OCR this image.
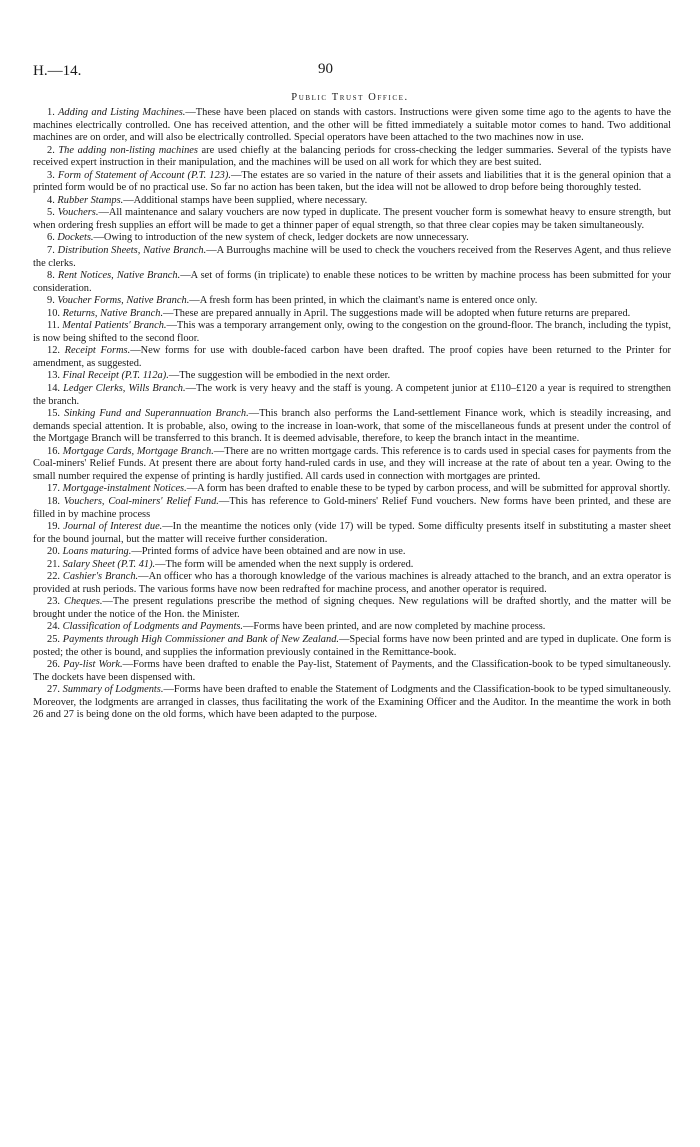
H.—14.	90
Public Trust Office.

1. Adding and Listing Machines.—These have been placed on stands with castors. Instructions were given some time ago to the agents to have the machines electrically controlled. One has received attention, and the other will be fitted immediately a suitable motor comes to hand. Two additional machines are on order, and will also be electrically controlled. Special operators have been attached to the two machines now in use.

2. The adding non-listing machines are used chiefly at the balancing periods for cross-checking the ledger summaries. Several of the typists have received expert instruction in their manipulation, and the machines will be used on all work for which they are best suited.

3. Form of Statement of Account (P.T. 123).—The estates are so varied in the nature of their assets and liabilities that it is the general opinion that a printed form would be of no practical use. So far no action has been taken, but the idea will not be allowed to drop before being thoroughly tested.

4. Rubber Stamps.—Additional stamps have been supplied, where necessary.

5. Vouchers.—All maintenance and salary vouchers are now typed in duplicate. The present voucher form is somewhat heavy to ensure strength, but when ordering fresh supplies an effort will be made to get a thinner paper of equal strength, so that three clear copies may be taken simultaneously.

6. Dockets.—Owing to introduction of the new system of check, ledger dockets are now unnecessary.

7. Distribution Sheets, Native Branch.—A Burroughs machine will be used to check the vouchers received from the Reserves Agent, and thus relieve the clerks.

8. Rent Notices, Native Branch.—A set of forms (in triplicate) to enable these notices to be written by machine process has been submitted for your consideration.

9. Voucher Forms, Native Branch.—A fresh form has been printed, in which the claimant's name is entered once only.

10. Returns, Native Branch.—These are prepared annually in April. The suggestions made will be adopted when future returns are prepared.

11. Mental Patients' Branch.—This was a temporary arrangement only, owing to the congestion on the ground-floor. The branch, including the typist, is now being shifted to the second floor.

12. Receipt Forms.—New forms for use with double-faced carbon have been drafted. The proof copies have been returned to the Printer for amendment, as suggested.

13. Final Receipt (P.T. 112a).—The suggestion will be embodied in the next order.

14. Ledger Clerks, Wills Branch.—The work is very heavy and the staff is young. A competent junior at £110–£120 a year is required to strengthen the branch.

15. Sinking Fund and Superannuation Branch.—This branch also performs the Land-settlement Finance work, which is steadily increasing, and demands special attention. It is probable, also, owing to the increase in loan-work, that some of the miscellaneous funds at present under the control of the Mortgage Branch will be transferred to this branch. It is deemed advisable, therefore, to keep the branch intact in the meantime.

16. Mortgage Cards, Mortgage Branch.—There are no written mortgage cards. This reference is to cards used in special cases for payments from the Coal-miners' Relief Funds. At present there are about forty hand-ruled cards in use, and they will increase at the rate of about ten a year. Owing to the small number required the expense of printing is hardly justified. All cards used in connection with mortgages are printed.

17. Mortgage-instalment Notices.—A form has been drafted to enable these to be typed by carbon process, and will be submitted for approval shortly.

18. Vouchers, Coal-miners' Relief Fund.—This has reference to Gold-miners' Relief Fund vouchers. New forms have been printed, and these are filled in by machine process

19. Journal of Interest due.—In the meantime the notices only (vide 17) will be typed. Some difficulty presents itself in substituting a master sheet for the bound journal, but the matter will receive further consideration.

20. Loans maturing.—Printed forms of advice have been obtained and are now in use.

21. Salary Sheet (P.T. 41).—The form will be amended when the next supply is ordered.

22. Cashier's Branch.—An officer who has a thorough knowledge of the various machines is already attached to the branch, and an extra operator is provided at rush periods. The various forms have now been redrafted for machine process, and another operator is required.

23. Cheques.—The present regulations prescribe the method of signing cheques. New regulations will be drafted shortly, and the matter will be brought under the notice of the Hon. the Minister.

24. Classification of Lodgments and Payments.—Forms have been printed, and are now completed by machine process.

25. Payments through High Commissioner and Bank of New Zealand.—Special forms have now been printed and are typed in duplicate. One form is posted; the other is bound, and supplies the information previously contained in the Remittance-book.

26. Pay-list Work.—Forms have been drafted to enable the Pay-list, Statement of Payments, and the Classification-book to be typed simultaneously. The dockets have been dispensed with.

27. Summary of Lodgments.—Forms have been drafted to enable the Statement of Lodgments and the Classification-book to be typed simultaneously. Moreover, the lodgments are arranged in classes, thus facilitating the work of the Examining Officer and the Auditor. In the meantime the work in both 26 and 27 is being done on the old forms, which have been adapted to the purpose.
